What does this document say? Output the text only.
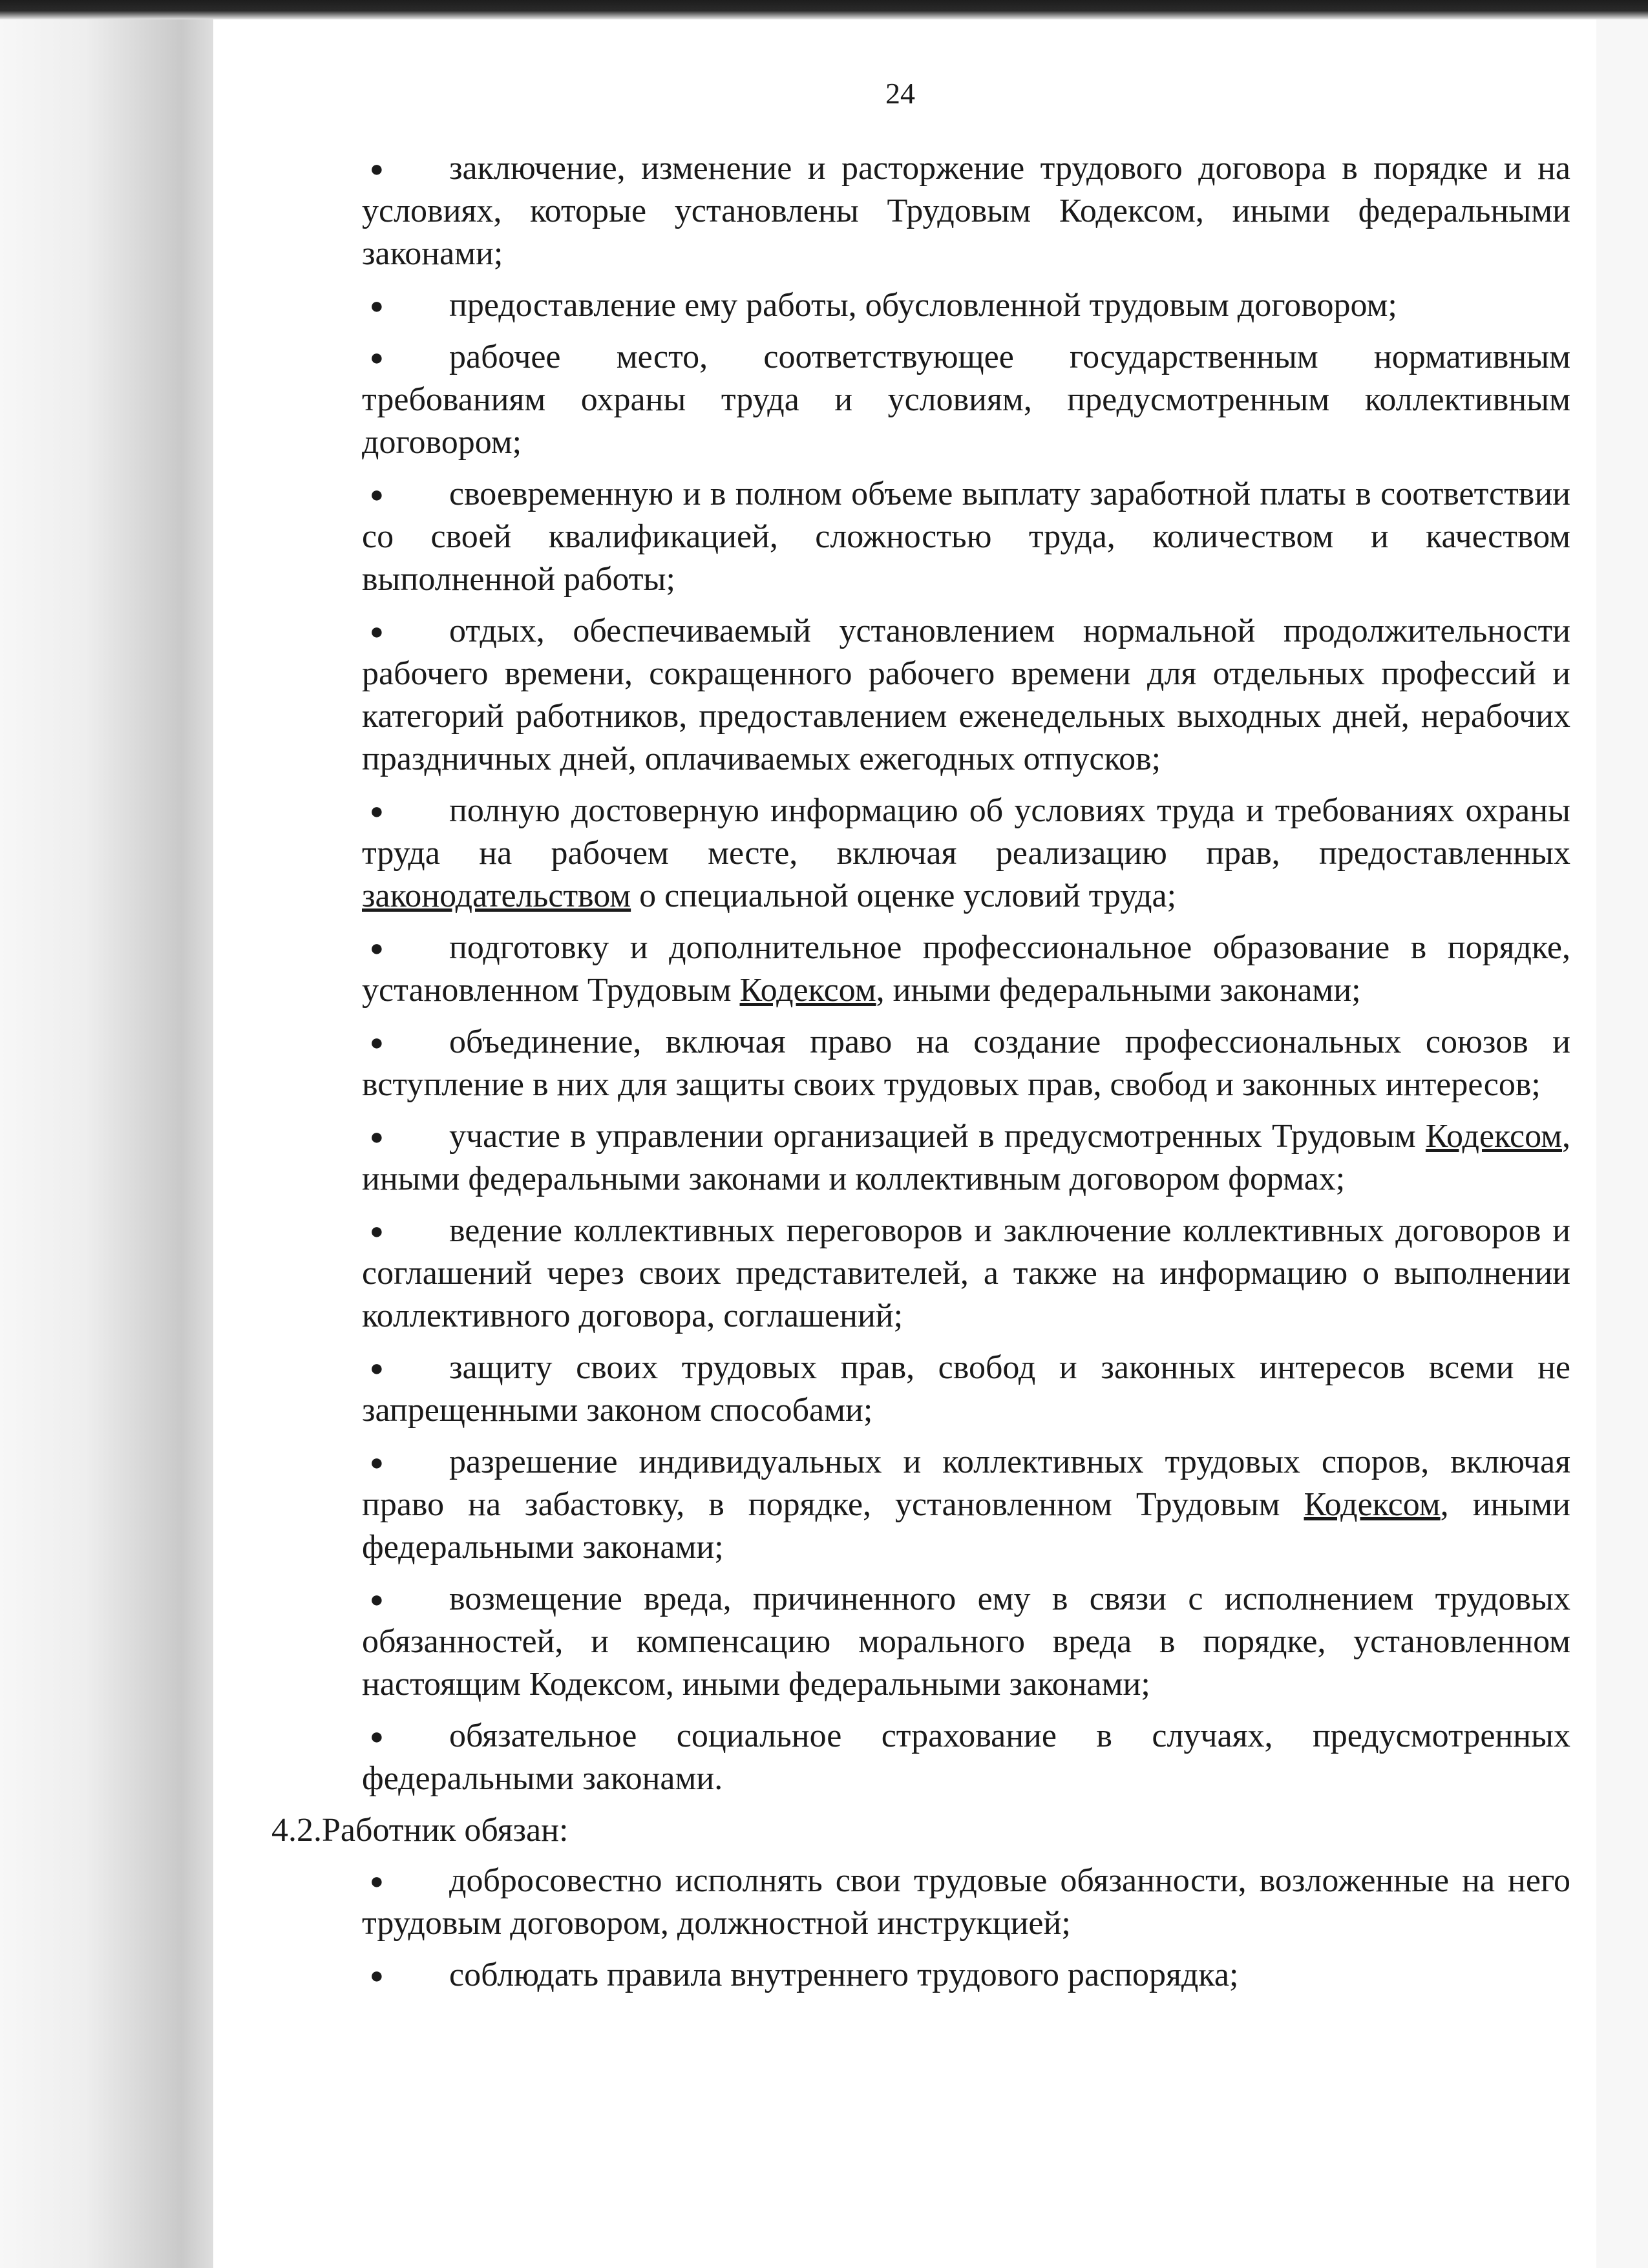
24
●	заключение, изменение и расторжение трудового договора в порядке и на условиях, которые установлены Трудовым Кодексом, иными федеральными законами;
●	предоставление ему работы, обусловленной трудовым договором;
●	рабочее место, соответствующее государственным нормативным требованиям охраны труда и условиям, предусмотренным коллективным договором;
●	своевременную и в полном объеме выплату заработной платы в соответствии со своей квалификацией, сложностью труда, количеством и качеством выполненной работы;
●	отдых, обеспечиваемый установлением нормальной продолжительности рабочего времени, сокращенного рабочего времени для отдельных профессий и категорий работников, предоставлением еженедельных выходных дней, нерабочих праздничных дней, оплачиваемых ежегодных отпусков;
●	полную достоверную информацию об условиях труда и требованиях охраны труда на рабочем месте, включая реализацию прав, предоставленных законодательством о специальной оценке условий труда;
●	подготовку и дополнительное профессиональное образование в порядке, установленном Трудовым Кодексом, иными федеральными законами;
●	объединение, включая право на создание профессиональных союзов и вступление в них для защиты своих трудовых прав, свобод и законных интересов;
●	участие в управлении организацией в предусмотренных Трудовым Кодексом, иными федеральными законами и коллективным договором формах;
●	ведение коллективных переговоров и заключение коллективных договоров и соглашений через своих представителей, а также на информацию о выполнении коллективного договора, соглашений;
●	защиту своих трудовых прав, свобод и законных интересов всеми не запрещенными законом способами;
●	разрешение индивидуальных и коллективных трудовых споров, включая право на забастовку, в порядке, установленном Трудовым Кодексом, иными федеральными законами;
●	возмещение вреда, причиненного ему в связи с исполнением трудовых обязанностей, и компенсацию морального вреда в порядке, установленном настоящим Кодексом, иными федеральными законами;
●	обязательное социальное страхование в случаях, предусмотренных федеральными законами.
4.2.Работник обязан:
●	добросовестно исполнять свои трудовые обязанности, возложенные на него трудовым договором, должностной инструкцией;
●	соблюдать правила внутреннего трудового распорядка;
